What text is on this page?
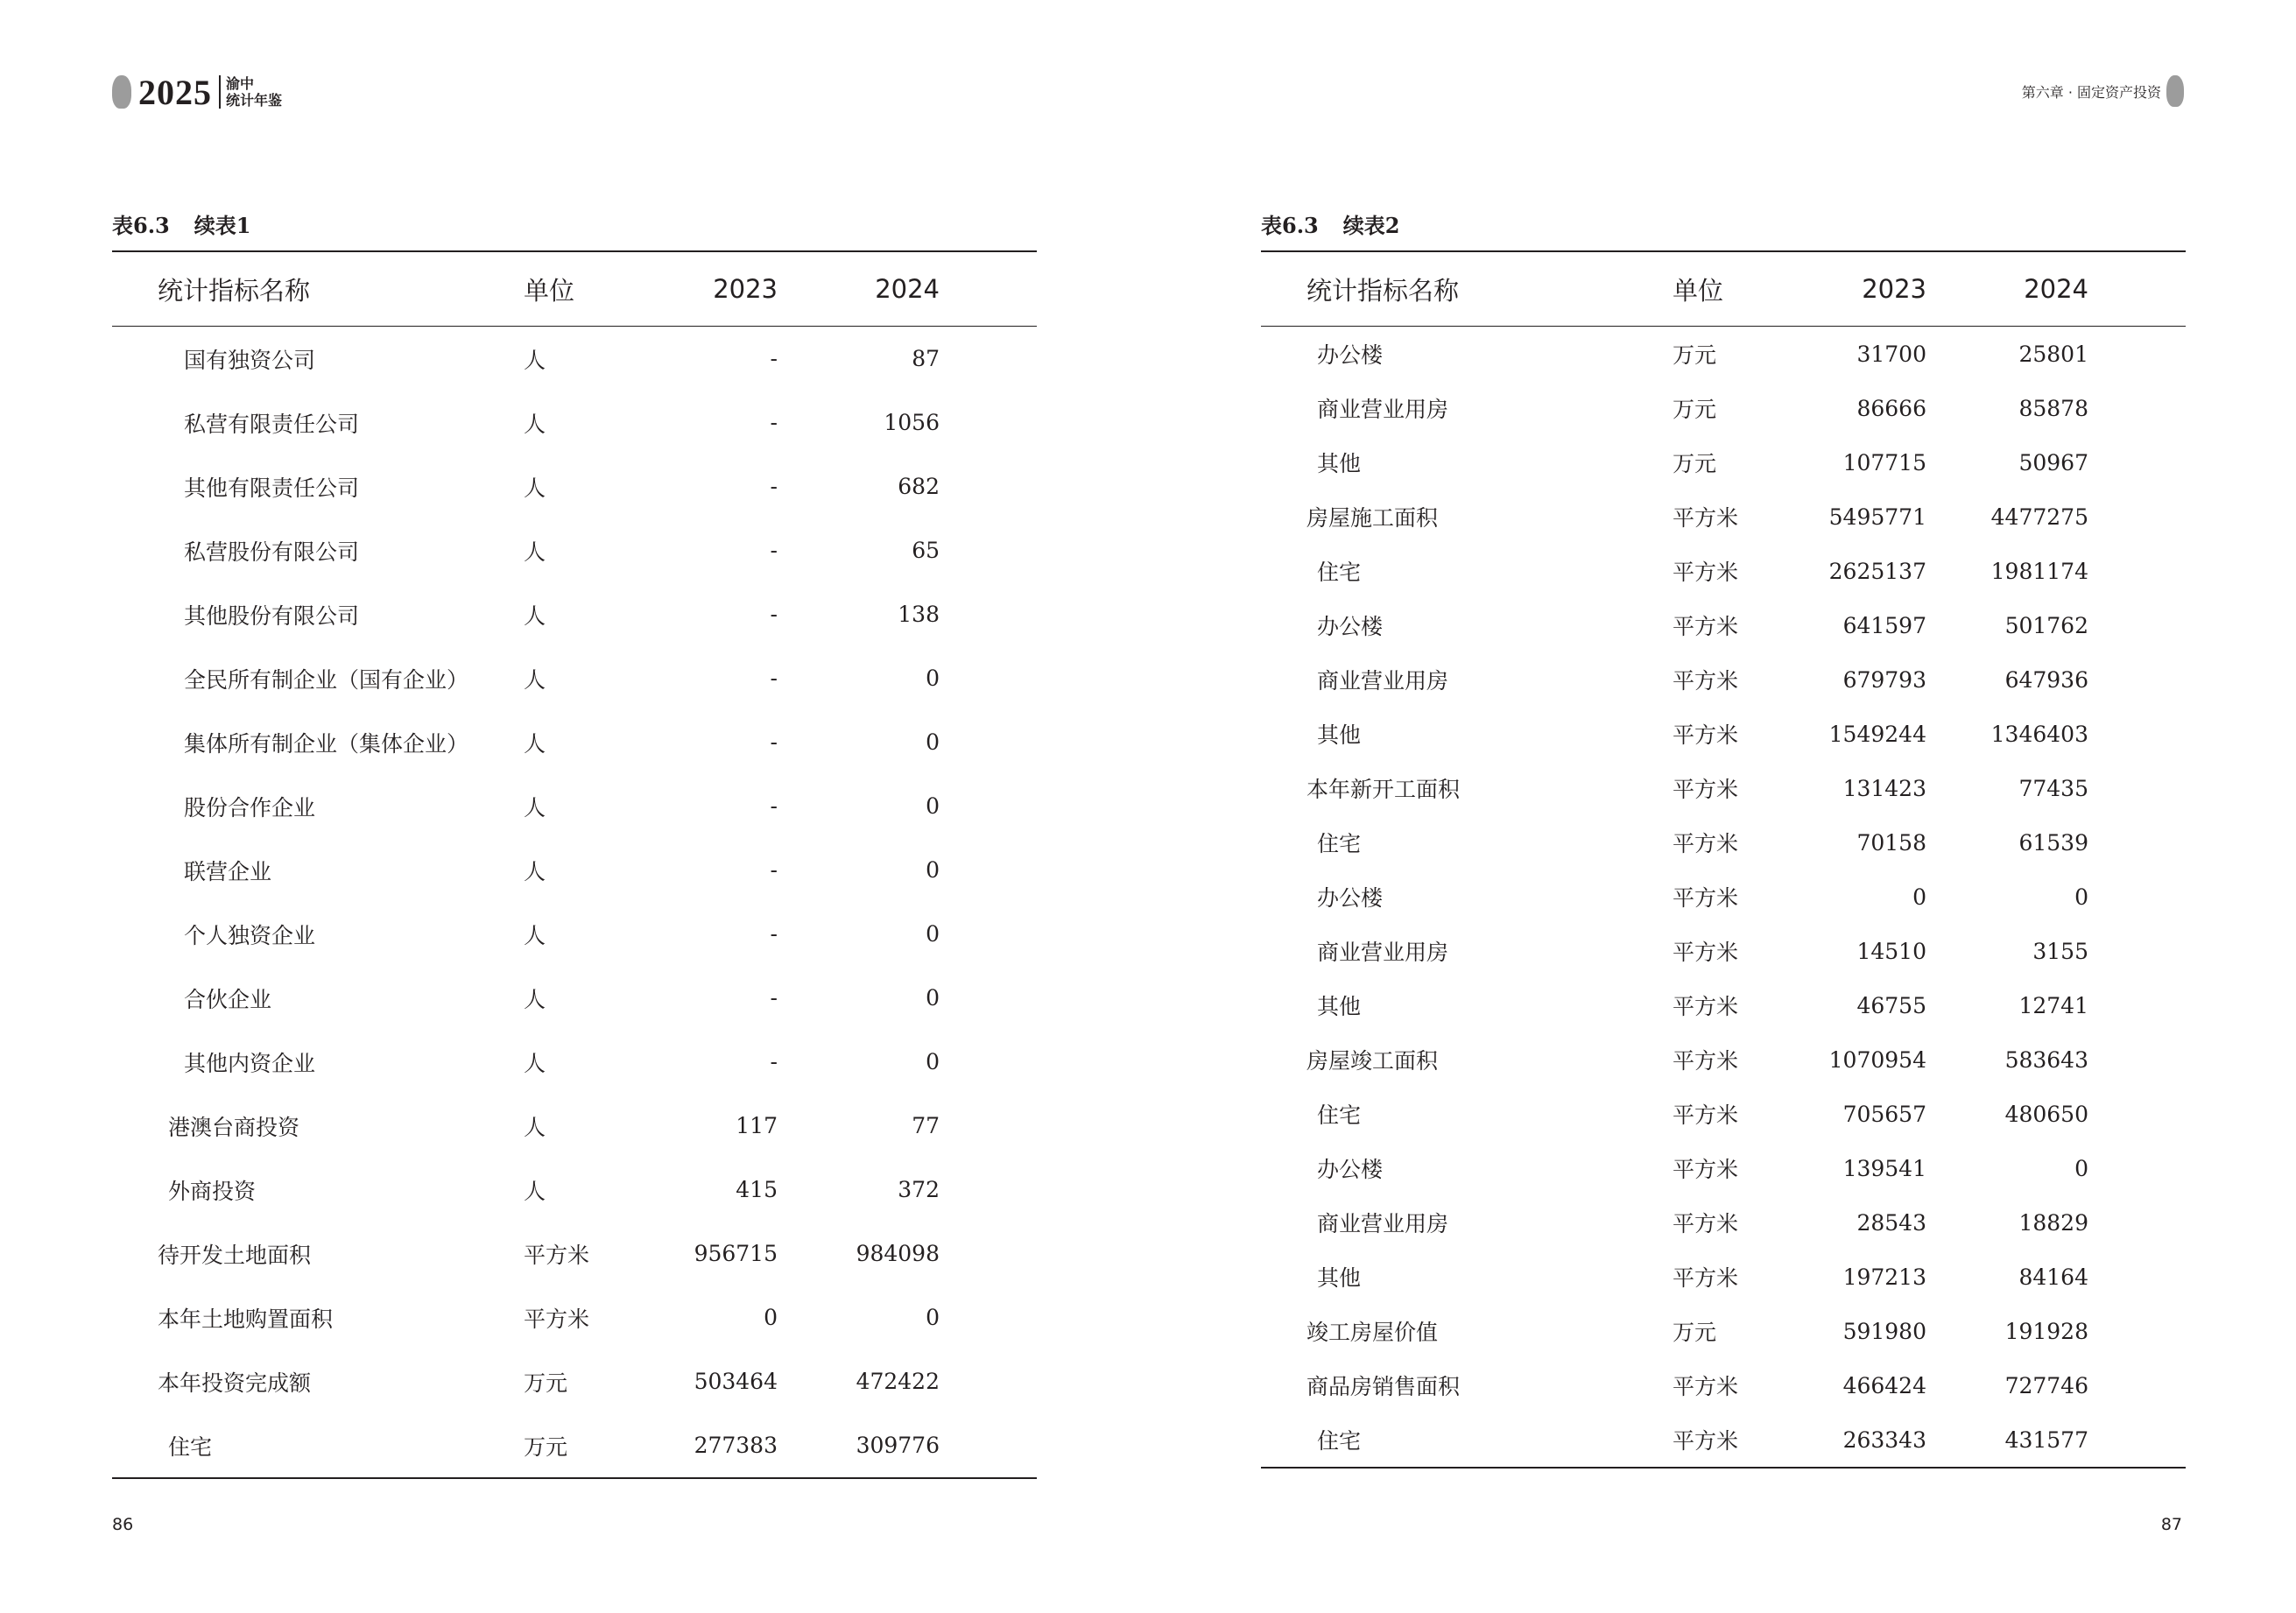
2025 渝中
统计年鉴	第六章 · 固定资产投资
表6.3 续表1
统计指标名称	单位	2023	2024
国有独资公司	人	-	87
私营有限责任公司	人	-	1056
其他有限责任公司	人	-	682
私营股份有限公司	人	-	65
其他股份有限公司	人	-	138
全民所有制企业（国有企业）	人	-	0
集体所有制企业（集体企业）	人	-	0
股份合作企业	人	-	0
联营企业	人	-	0
个人独资企业	人	-	0
合伙企业	人	-	0
其他内资企业	人	-	0
港澳台商投资	人	117	77
外商投资	人	415	372
待开发土地面积	平方米	956715	984098
本年土地购置面积	平方米	0	0
本年投资完成额	万元	503464	472422
住宅	万元	277383	309776
表6.3 续表2
统计指标名称	单位	2023	2024
办公楼	万元	31700	25801
商业营业用房	万元	86666	85878
其他	万元	107715	50967
房屋施工面积	平方米	5495771	4477275
住宅	平方米	2625137	1981174
办公楼	平方米	641597	501762
商业营业用房	平方米	679793	647936
其他	平方米	1549244	1346403
本年新开工面积	平方米	131423	77435
住宅	平方米	70158	61539
办公楼	平方米	0	0
商业营业用房	平方米	14510	3155
其他	平方米	46755	12741
房屋竣工面积	平方米	1070954	583643
住宅	平方米	705657	480650
办公楼	平方米	139541	0
商业营业用房	平方米	28543	18829
其他	平方米	197213	84164
竣工房屋价值	万元	591980	191928
商品房销售面积	平方米	466424	727746
住宅	平方米	263343	431577
86	87
